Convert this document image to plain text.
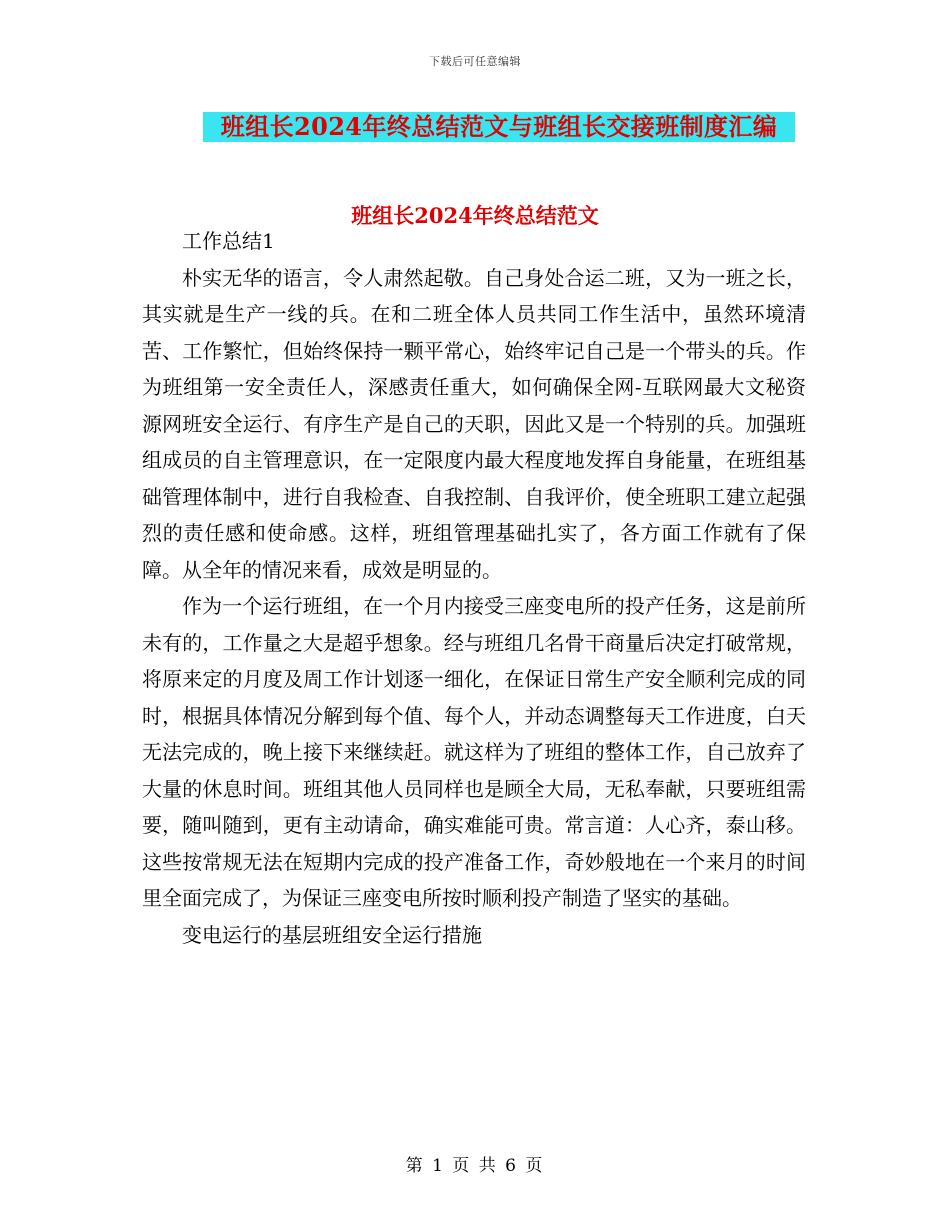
下载后可任意编辑
班组长2024年终总结范文与班组长交接班制度汇编
班组长2024年终总结范文

工作总结1

朴实无华的语言，令人肃然起敬。自己身处合运二班，又为一班之长，其实就是生产一线的兵。在和二班全体人员共同工作生活中，虽然环境清苦、工作繁忙，但始终保持一颗平常心，始终牢记自己是一个带头的兵。作为班组第一安全责任人，深感责任重大，如何确保全网-互联网最大文秘资源网班安全运行、有序生产是自己的天职，因此又是一个特别的兵。加强班组成员的自主管理意识，在一定限度内最大程度地发挥自身能量，在班组基础管理体制中，进行自我检查、自我控制、自我评价，使全班职工建立起强烈的责任感和使命感。这样，班组管理基础扎实了，各方面工作就有了保障。从全年的情况来看，成效是明显的。

作为一个运行班组，在一个月内接受三座变电所的投产任务，这是前所未有的，工作量之大是超乎想象。经与班组几名骨干商量后决定打破常规，将原来定的月度及周工作计划逐一细化，在保证日常生产安全顺利完成的同时，根据具体情况分解到每个值、每个人，并动态调整每天工作进度，白天无法完成的，晚上接下来继续赶。就这样为了班组的整体工作，自己放弃了大量的休息时间。班组其他人员同样也是顾全大局，无私奉献，只要班组需要，随叫随到，更有主动请命，确实难能可贵。常言道：人心齐，泰山移。这些按常规无法在短期内完成的投产准备工作，奇妙般地在一个来月的时间里全面完成了，为保证三座变电所按时顺利投产制造了坚实的基础。

变电运行的基层班组安全运行措施

第 1 页 共 6 页
